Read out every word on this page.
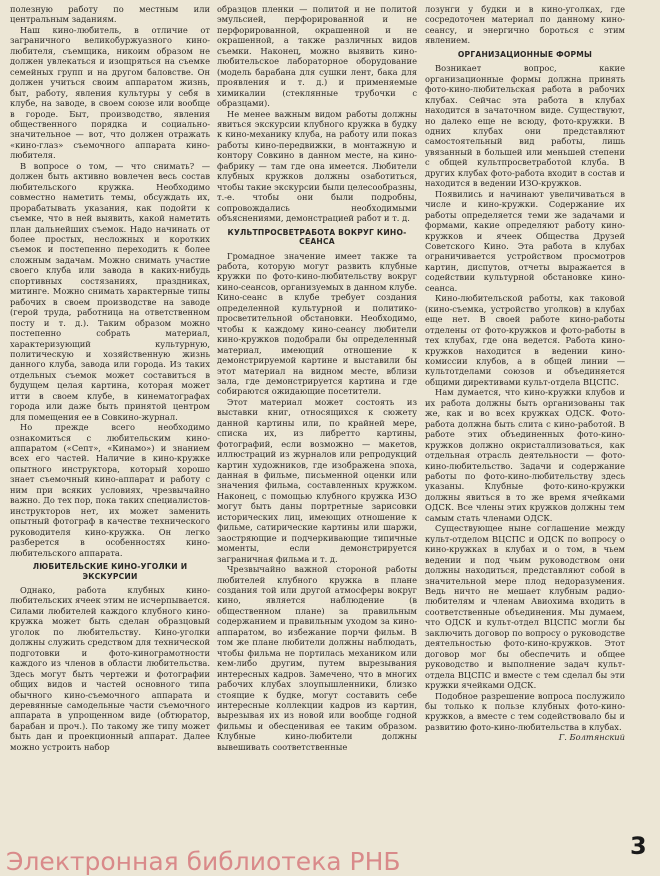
полезную работу по местным или центральным заданиям.

Наш кино-любитель, в отличие от заграничного великобуржуазного кино-любителя, съемщика, никоим образом не должен увлекаться и изощряться на съемке семейных групп и на другом баловстве. Он должен учиться своим аппаратом жизнь, быт, работу, явления культуры у себя в клубе, на заводе, в своем союзе или вообще в городе. Быт, производство, явления общественного порядка и социально-значительное — вот, что должен отражать «кино-глаз» съемочного аппарата кино-любителя.

В вопросе о том, — что снимать? — должен быть активно вовлечен весь состав любительского кружка. Необходимо совместно наметить темы, обсуждать их, прорабатывать указания, как подойти к съемке, что в ней выявить, какой наметить план дальнейших съемок. Надо начинать от более простых, несложных и коротких съемок и постепенно переходить к более сложным задачам. Можно снимать участие своего клуба или завода в каких-нибудь спортивных состязаниях, праздниках, митинге. Можно снимать характерные типы рабочих в своем производстве на заводе (герой труда, работница на ответственном посту и т. д.). Таким образом можно постепенно собрать материал, характеризующий культурную, политическую и хозяйственную жизнь данного клуба, завода или города. Из таких отдельных съемок может составиться в будущем целая картина, которая может итти в своем клубе, в кинематографах города или даже быть принятой центром для помещения ее в Совкино-журнал.

Но прежде всего необходимо ознакомиться с любительским кино-аппаратом («Септ», «Кинамо») и знанием всех его частей. Наличие в кино-кружке опытного инструктора, который хорошо знает съемочный кино-аппарат и работу с ним при всяких условиях, чрезвычайно важно. До тех пор, пока таких специалистов-инструкторов нет, их может заменить опытный фотограф в качестве технического руководителя кино-кружка. Он легко разберется в особенностях кино-любительского аппарата.

ЛЮБИТЕЛЬСКИЕ КИНО-УГОЛКИ И ЭКСКУРСИИ

Однако, работа клубных кино-любительских ячеек этим не исчерпывается. Силами любителей каждого клубного кино-кружка может быть сделан образцовый уголок по любительству. Кино-уголки должны служить средством для технической подготовки и фото-кинограмотности каждого из членов в области любительства. Здесь могут быть чертежи и фотографии общих видов и частей основного типа обычного кино-съемочного аппарата и деревянные самодельные части съемочного аппарата в упрощенном виде (обтюратор, барабан и проч.). По такому же типу может быть дан и проекционный аппарат. Далее можно устроить набор

образцов пленки — политой и не политой эмульсией, перфорированной и не перфорированной, окрашенной и не окрашенной, а также различных видов съемки. Наконец, можно выявить кино-любительское лабораторное оборудование (модель барабана для сушки лент, бака для проявления и т. д.) и применяемые химикалии (стеклянные трубочки с образцами).

Не менее важным видом работы должны явиться экскурсии клубного кружка в будку к кино-механику клуба, на работу или показ работы кино-передвижки, в монтажную и контору Совкино в данном месте, на кино-фабрику — там где она имеется. Любители клубных кружков должны озаботиться, чтобы такие экскурсии были целесообразны, т.-е. чтобы они были подробны, сопровождались необходимыми объяснениями, демонстрацией работ и т. д.

КУЛЬТПРОСВЕТРАБОТА ВОКРУГ КИНО-СЕАНСА

Громадное значение имеет также та работа, которую могут развить клубные кружки по фото-кино-любительству вокруг кино-сеансов, организуемых в данном клубе. Кино-сеанс в клубе требует создания определенной культурной и политико-просветительной обстановки. Необходимо, чтобы к каждому кино-сеансу любители кино-кружков подобрали бы определенный материал, имеющий отношение к демонстрируемой картине и выставили бы этот материал на видном месте, вблизи зала, где демонстрируется картина и где собираются ожидающие посетители.

Этот материал может состоять из выставки книг, относящихся к сюжету данной картины или, по крайней мере, списка их, из либретто картины, фотографий, если возможно — макетов, иллюстраций из журналов или репродукций картин художников, где изображена эпоха, данная в фильме, письменной оценки или значения фильма, составленных кружком. Наконец, с помощью клубного кружка ИЗО могут быть даны портретные зарисовки исторических лиц, имеющих отношение к фильме, сатирические картины или шаржи, заостряющие и подчеркивающие типичные моменты, если демонстрируется заграничная фильма и т. д.

Чрезвычайно важной стороной работы любителей клубного кружка в плане создания той или другой атмосферы вокруг кино, является наблюдение (в общественном плане) за правильным содержанием и правильным уходом за кино-аппаратом, во избежание порчи фильм. В том же плане любители должны наблюдать, чтобы фильма не портилась механиком или кем-либо другим, путем вырезывания интересных кадров. Замечено, что в многих рабочих клубах злоупышленники, близко стоящие к будке, могут составить себе интересные коллекции кадров из картин, вырезывая их из новой или вообще годной фильмы и обесценивая ее таким образом. Клубные кино-любители должны вывешивать соответственные

лозунги у будки и в кино-уголках, где сосредоточен материал по данному кино-сеансу, и энергично бороться с этим явлением.

ОРГАНИЗАЦИОННЫЕ ФОРМЫ

Возникает вопрос, какие организационные формы должна принять фото-кино-любительская работа в рабочих клубах. Сейчас эта работа в клубах находится в зачаточном виде. Существуют, но далеко еще не всюду, фото-кружки. В одних клубах они представляют самостоятельный вид работы, лишь увязанный в большей или меньшей степени с общей культпросветработой клуба. В других клубах фото-работа входит в состав и находится в ведении ИЗО-кружков.

Появились и начинают увеличиваться в числе и кино-кружки. Содержание их работы определяется теми же задачами и формами, какие определяют работу кино-кружков и ячеек Общества Друзей Советского Кино. Эта работа в клубах ограничивается устройством просмотров картин, диспутов, отчеты выражается в содействии культурной обстановке кино-сеанса.

Кино-любительской работы, как таковой (кино-съемка, устройство уголков) в клубах еще нет. В своей работе кино-работы отделены от фото-кружков и фото-работы в тех клубах, где она ведется. Работа кино-кружков находится в ведении кино-комиссии клубов, а в общей линии — культотделами союзов и объединяется общими директивами культ-отдела ВЦСПС.

Нам думается, что кино-кружки клубов и их работа должны быть организованы так же, как и во всех кружках ОДСК. Фото-работа должна быть слита с кино-работой. В работе этих объединенных фото-кино-кружков должно окристаллизоваться, как отдельная отрасль деятельности — фото-кино-любительство. Задачи и содержание работы по фото-кино-любительству здесь указаны. Клубные фото-кино-кружки должны явиться в то же время ячейками ОДСК. Все члены этих кружков должны тем самым стать членами ОДСК.

Существующее ныне соглашение между культ-отделом ВЦСПС и ОДСК по вопросу о кино-кружках в клубах и о том, в чьем ведении и под чьим руководством они должны находиться, представляют собой в значительной мере плод недоразумения. Ведь ничто не мешает клубным радио-любителям и членам Авиохима входить в соответственные объединения. Мы думаем, что ОДСК и культ-отдел ВЦСПС могли бы заключить договор по вопросу о руководстве деятельностью фото-кино-кружков. Этот договор мог бы обеспечить и общее руководство и выполнение задач культ-отдела ВЦСПС и вместе с тем сделал бы эти кружки ячейками ОДСК.

Подобное разрешение вопроса послужило бы только к пользе клубных фото-кино-кружков, а вместе с тем содействовало бы и развитию фото-кино-любительства в клубах.

Г. Болтянский

3
Электронная библиотека РНБ
